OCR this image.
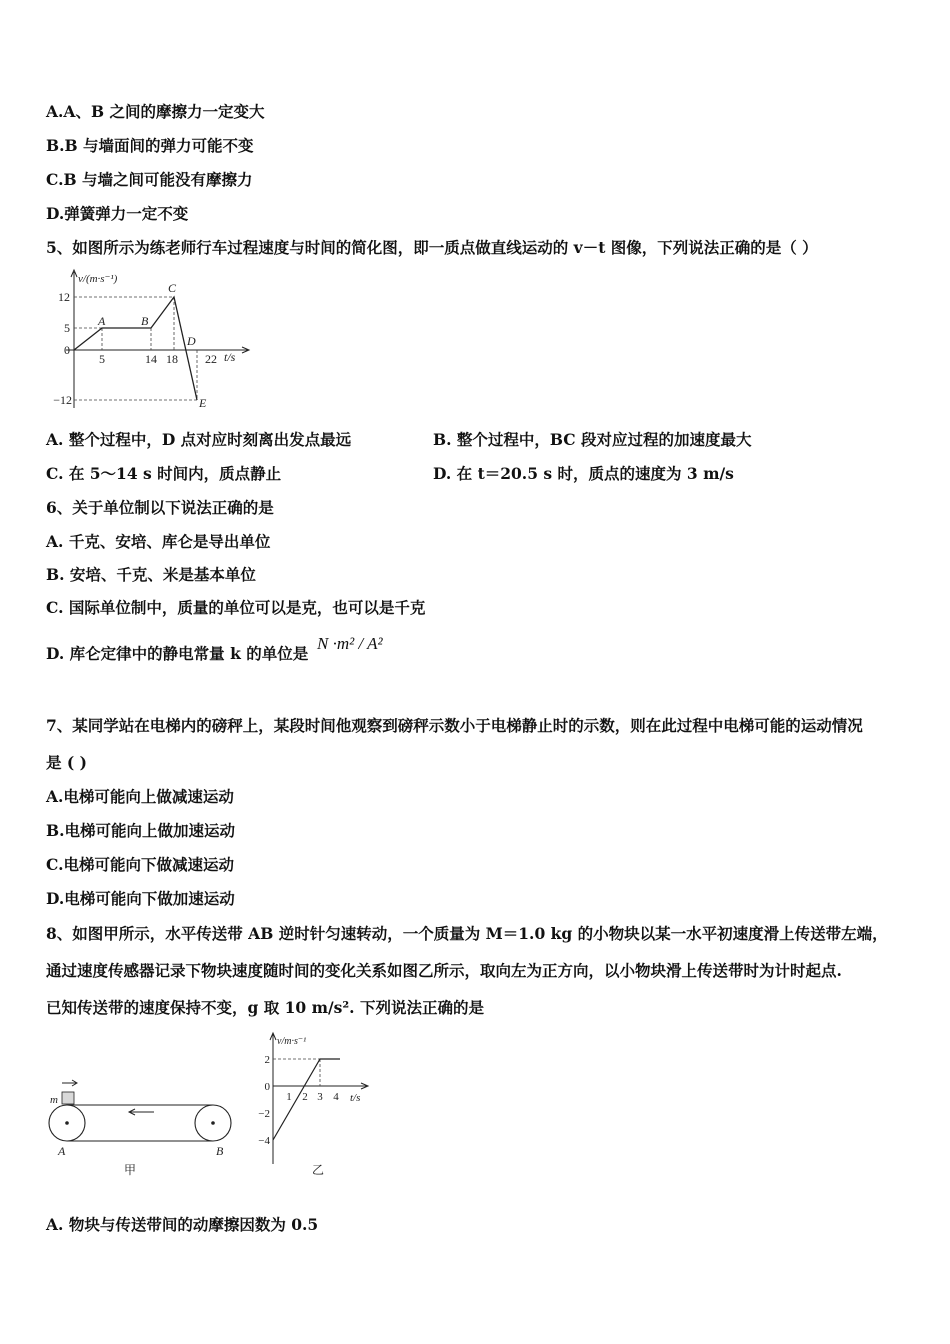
A.A、B 之间的摩擦力一定变大
B.B 与墙面间的弹力可能不变
C.B 与墙之间可能没有摩擦力
D.弹簧弹力一定不变
5、如图所示为练老师行车过程速度与时间的简化图，即一质点做直线运动的 v－t 图像，下列说法正确的是（ ）
12
5
0
−12
5	14 18 22 t/s
v/(m·s⁻¹)
A	B
C
D
E
A. 整个过程中，D 点对应时刻离出发点最远	B. 整个过程中，BC 段对应过程的加速度最大
C. 在 5～14 s 时间内，质点静止	D. 在 t＝20.5 s 时，质点的速度为 3 m/s
6、关于单位制以下说法正确的是
A. 千克、安培、库仑是导出单位
B. 安培、千克、米是基本单位
C. 国际单位制中，质量的单位可以是克，也可以是千克
D. 库仑定律中的静电常量 k 的单位是
N ·m² / A²
7、某同学站在电梯内的磅秤上，某段时间他观察到磅秤示数小于电梯静止时的示数，则在此过程中电梯可能的运动情况
是 ( )
A.电梯可能向上做减速运动
B.电梯可能向上做加速运动
C.电梯可能向下做减速运动
D.电梯可能向下做加速运动
8、如图甲所示，水平传送带 AB 逆时针匀速转动，一个质量为 M＝1.0 kg 的小物块以某一水平初速度滑上传送带左端，
通过速度传感器记录下物块速度随时间的变化关系如图乙所示，取向左为正方向，以小物块滑上传送带时为计时起点.
已知传送带的速度保持不变，g 取 10 m/s². 下列说法正确的是
m
A	B
甲
2
0
−2
−4
1 2 3 4 t/s
v/m·s⁻¹
乙
A. 物块与传送带间的动摩擦因数为 0.5
